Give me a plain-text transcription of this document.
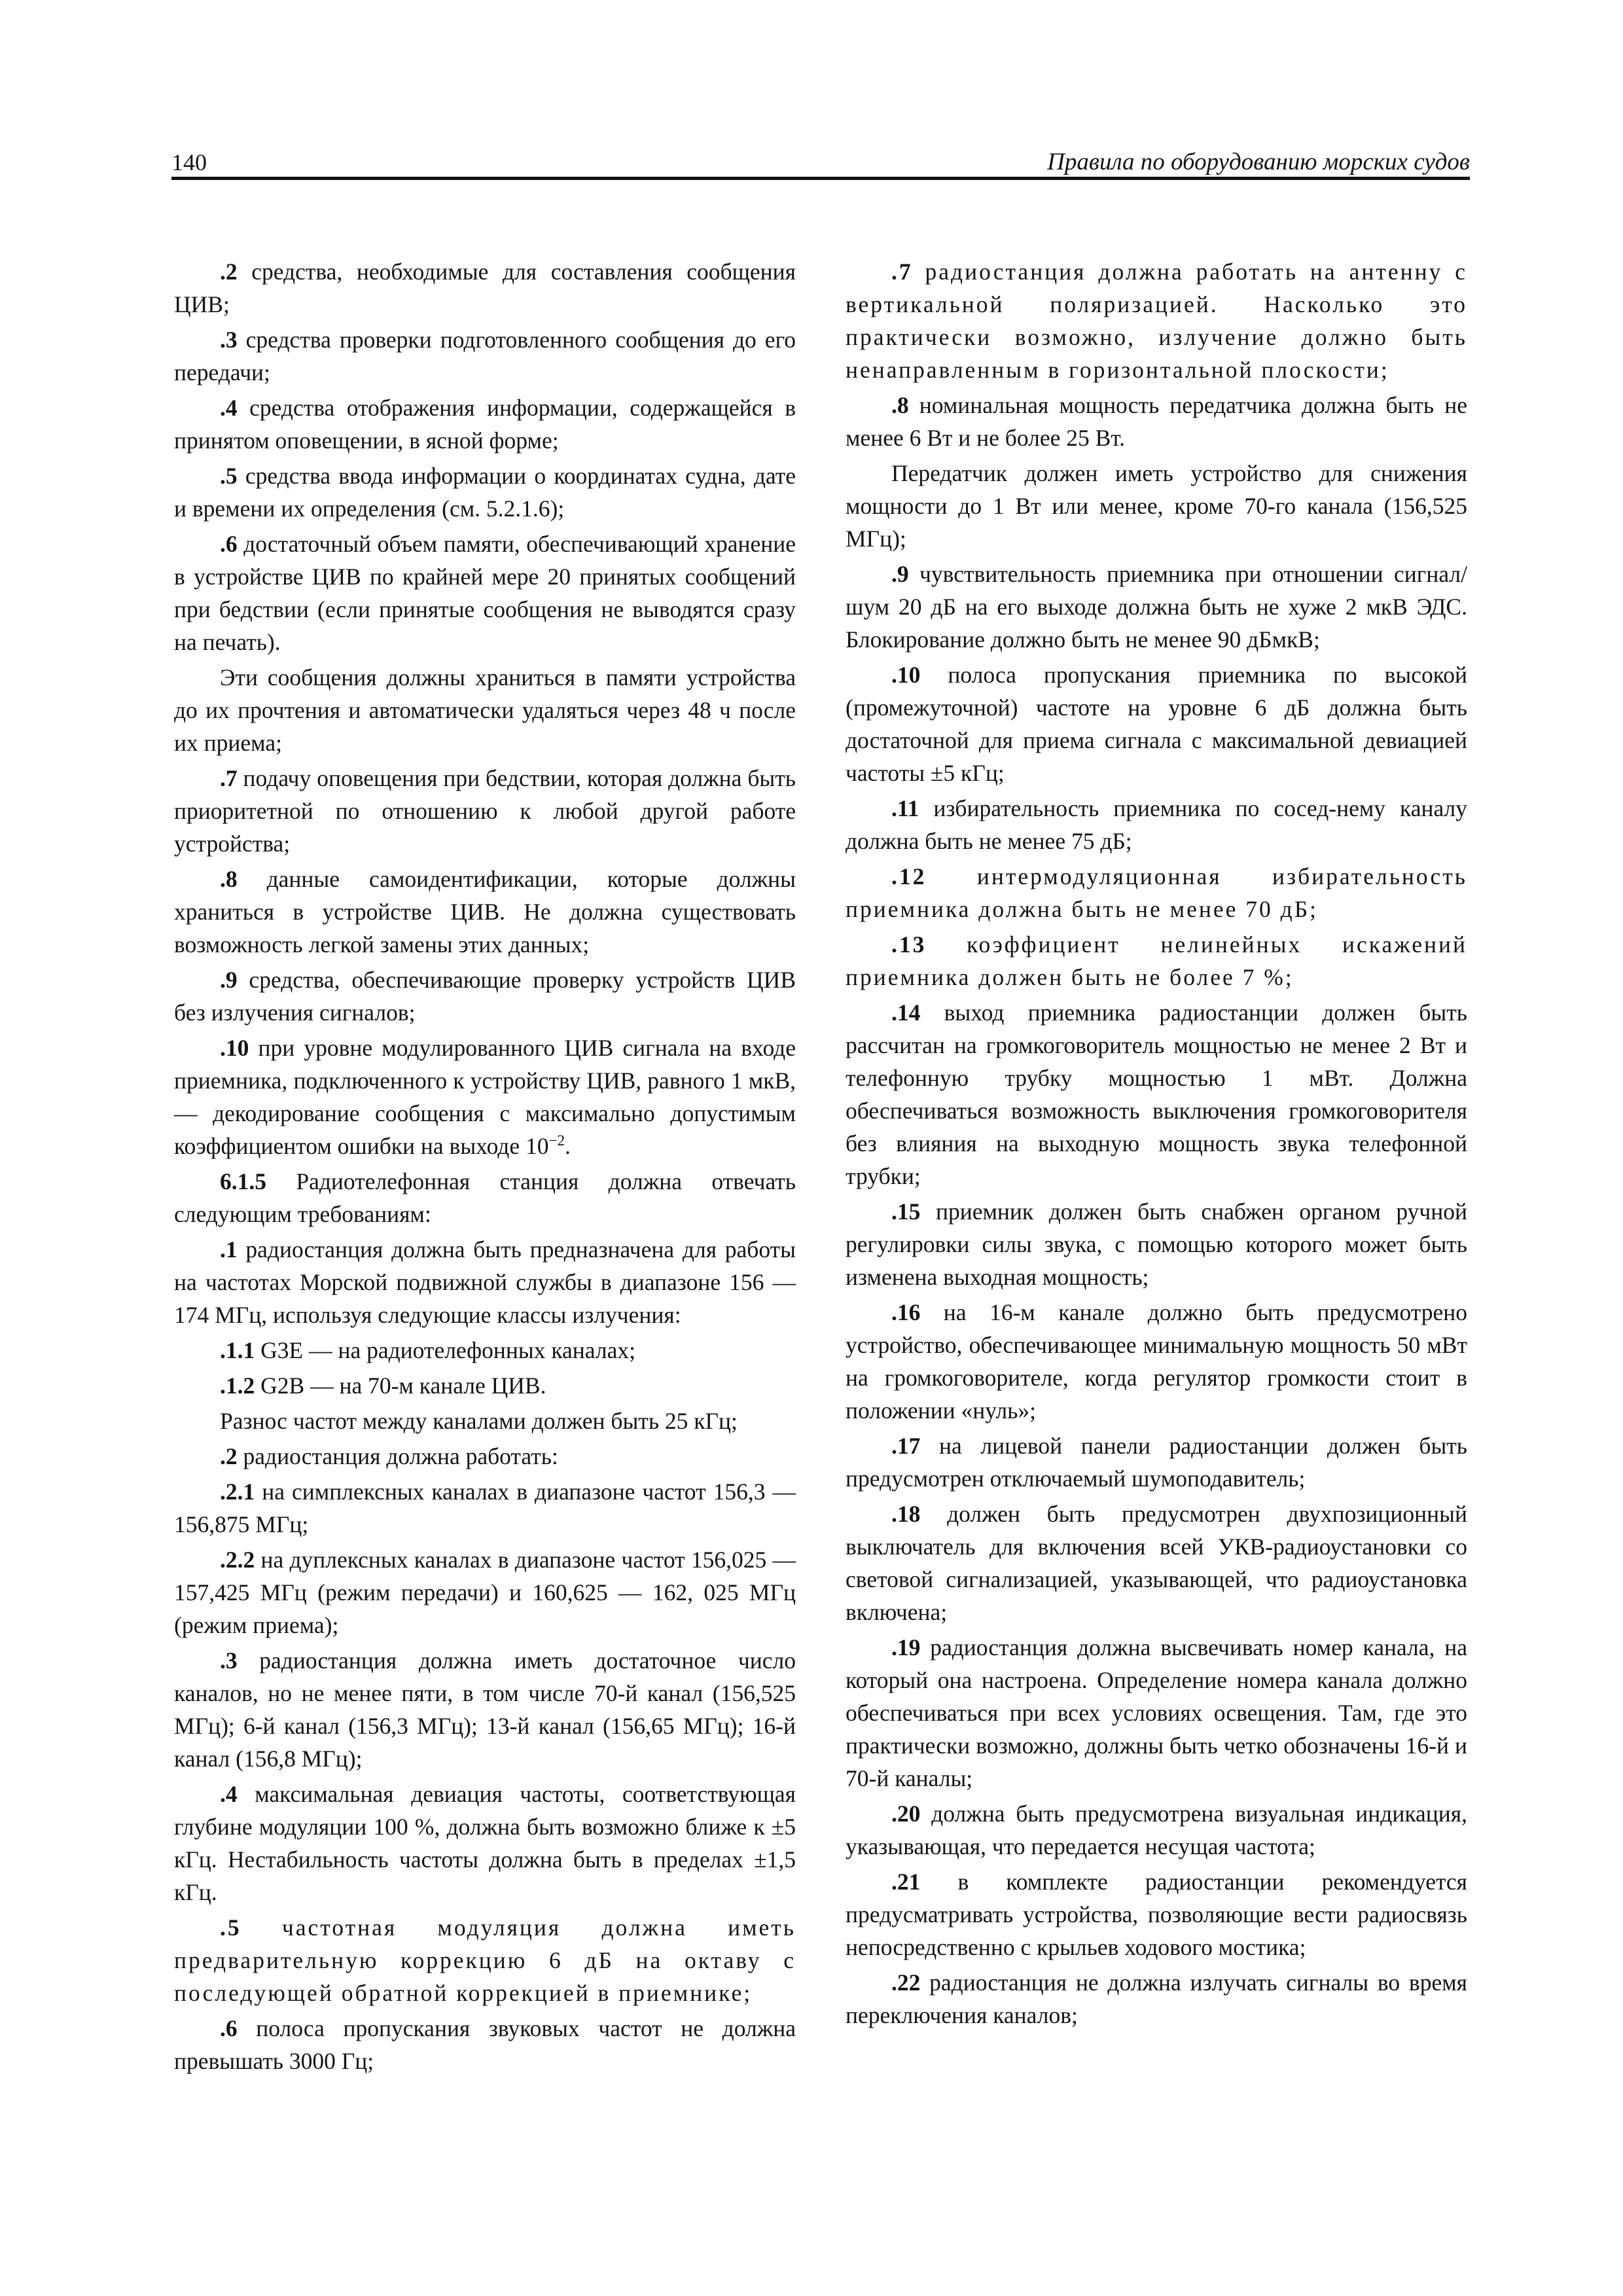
140	Правила по оборудованию морских судов

.2 средства, необходимые для составления сообщения ЦИВ;

.3 средства проверки подготовленного сообщения до его передачи;

.4 средства отображения информации, содержащейся в принятом оповещении, в ясной форме;

.5 средства ввода информации о координатах судна, дате и времени их определения (см. 5.2.1.6);

.6 достаточный объем памяти, обеспечивающий хранение в устройстве ЦИВ по крайней мере 20 принятых сообщений при бедствии (если принятые сообщения не выводятся сразу на печать).

Эти сообщения должны храниться в памяти устройства до их прочтения и автоматически удаляться через 48 ч после их приема;

.7 подачу оповещения при бедствии, которая должна быть приоритетной по отношению к любой другой работе устройства;

.8 данные самоидентификации, которые должны храниться в устройстве ЦИВ. Не должна существовать возможность легкой замены этих данных;

.9 средства, обеспечивающие проверку устройств ЦИВ без излучения сигналов;

.10 при уровне модулированного ЦИВ сигнала на входе приемника, подключенного к устройству ЦИВ, равного 1 мкВ, — декодирование сообщения с максимально допустимым коэффициентом ошибки на выходе $10^{-2}$.

6.1.5 Радиотелефонная станция должна отвечать следующим требованиям:

.1 радиостанция должна быть предназначена для работы на частотах Морской подвижной службы в диапазоне 156 — 174 МГц, используя следующие классы излучения:

.1.1 G3E — на радиотелефонных каналах;

.1.2 G2B — на 70-м канале ЦИВ.

Разнос частот между каналами должен быть 25 кГц;

.2 радиостанция должна работать:

.2.1 на симплексных каналах в диапазоне частот 156,3 — 156,875 МГц;

.2.2 на дуплексных каналах в диапазоне частот 156,025 — 157,425 МГц (режим передачи) и 160,625 — 162, 025 МГц (режим приема);

.3 радиостанция должна иметь достаточное число каналов, но не менее пяти, в том числе 70-й канал (156,525 МГц); 6-й канал (156,3 МГц); 13-й канал (156,65 МГц); 16-й канал (156,8 МГц);

.4 максимальная девиация частоты, соответствующая глубине модуляции 100 %, должна быть возможно ближе к ±5 кГц. Нестабильность частоты должна быть в пределах ±1,5 кГц.

.5 частотная модуляция должна иметь предварительную коррекцию 6 дБ на октаву с последующей обратной коррекцией в приемнике;

.6 полоса пропускания звуковых частот не должна превышать 3000 Гц;

.7 радиостанция должна работать на антенну с вертикальной поляризацией. Насколько это практически возможно, излучение должно быть ненаправленным в горизонтальной плоскости;

.8 номинальная мощность передатчика должна быть не менее 6 Вт и не более 25 Вт.

Передатчик должен иметь устройство для снижения мощности до 1 Вт или менее, кроме 70-го канала (156,525 МГц);

.9 чувствительность приемника при отношении сигнал/шум 20 дБ на его выходе должна быть не хуже 2 мкВ ЭДС. Блокирование должно быть не менее 90 дБмкВ;

.10 полоса пропускания приемника по высокой (промежуточной) частоте на уровне 6 дБ должна быть достаточной для приема сигнала с максимальной девиацией частоты ±5 кГц;

.11 избирательность приемника по сосед-нему каналу должна быть не менее 75 дБ;

.12 интермодуляционная избирательность приемника должна быть не менее 70 дБ;

.13 коэффициент нелинейных искажений приемника должен быть не более 7 %;

.14 выход приемника радиостанции должен быть рассчитан на громкоговоритель мощностью не менее 2 Вт и телефонную трубку мощностью 1 мВт. Должна обеспечиваться возможность выключения громкоговорителя без влияния на выходную мощность звука телефонной трубки;

.15 приемник должен быть снабжен органом ручной регулировки силы звука, с помощью которого может быть изменена выходная мощность;

.16 на 16-м канале должно быть предусмотрено устройство, обеспечивающее минимальную мощность 50 мВт на громкоговорителе, когда регулятор громкости стоит в положении «нуль»;

.17 на лицевой панели радиостанции должен быть предусмотрен отключаемый шумоподавитель;

.18 должен быть предусмотрен двухпозиционный выключатель для включения всей УКВ-радиоустановки со световой сигнализацией, указывающей, что радиоустановка включена;

.19 радиостанция должна высвечивать номер канала, на который она настроена. Определение номера канала должно обеспечиваться при всех условиях освещения. Там, где это практически возможно, должны быть четко обозначены 16-й и 70-й каналы;

.20 должна быть предусмотрена визуальная индикация, указывающая, что передается несущая частота;

.21 в комплекте радиостанции рекомендуется предусматривать устройства, позволяющие вести радиосвязь непосредственно с крыльев ходового мостика;

.22 радиостанция не должна излучать сигналы во время переключения каналов;
